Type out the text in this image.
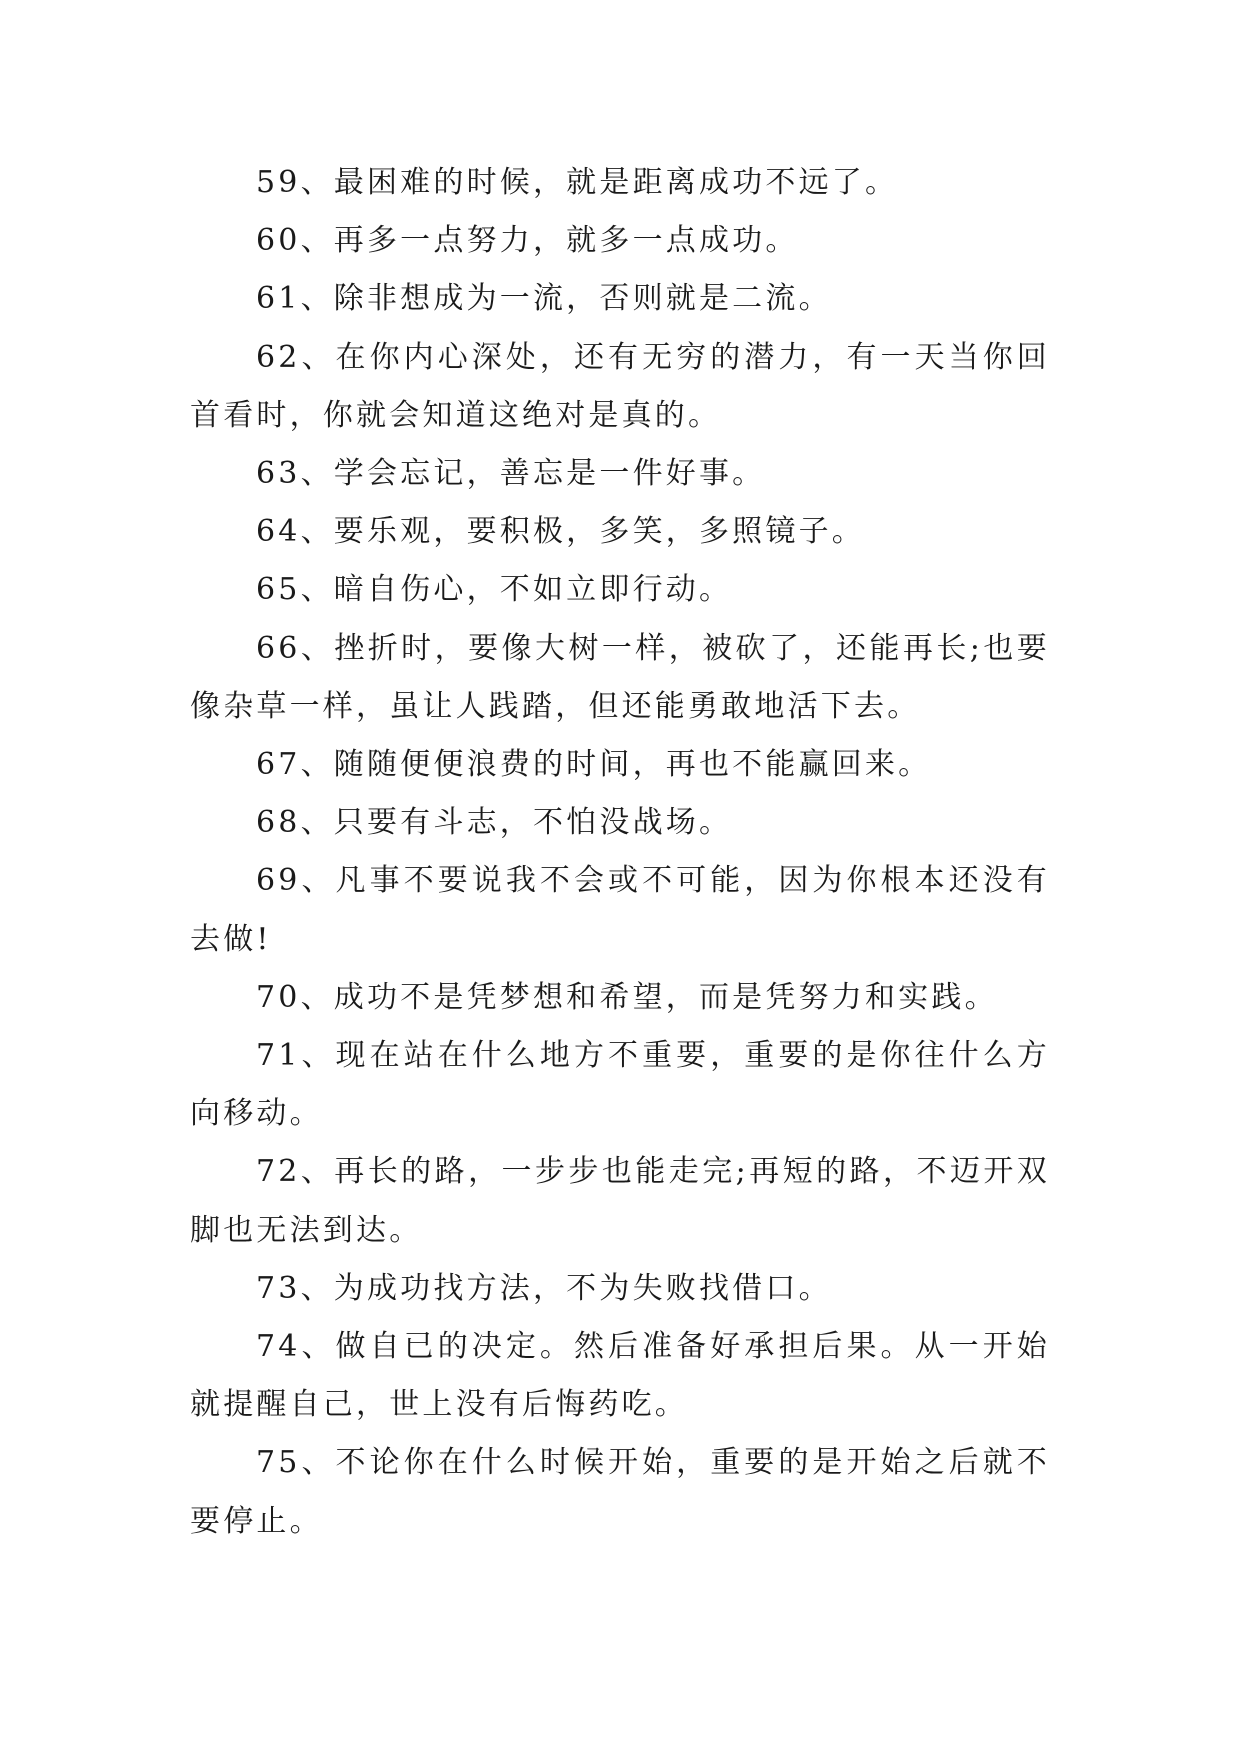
59、最困难的时候，就是距离成功不远了。

60、再多一点努力，就多一点成功。

61、除非想成为一流，否则就是二流。

62、在你内心深处，还有无穷的潜力，有一天当你回首看时，你就会知道这绝对是真的。

63、学会忘记，善忘是一件好事。

64、要乐观，要积极，多笑，多照镜子。

65、暗自伤心，不如立即行动。

66、挫折时，要像大树一样，被砍了，还能再长;也要像杂草一样，虽让人践踏，但还能勇敢地活下去。

67、随随便便浪费的时间，再也不能赢回来。

68、只要有斗志，不怕没战场。

69、凡事不要说我不会或不可能，因为你根本还没有去做!

70、成功不是凭梦想和希望，而是凭努力和实践。

71、现在站在什么地方不重要，重要的是你往什么方向移动。

72、再长的路，一步步也能走完;再短的路，不迈开双脚也无法到达。

73、为成功找方法，不为失败找借口。

74、做自已的决定。然后准备好承担后果。从一开始就提醒自己，世上没有后悔药吃。

75、不论你在什么时候开始，重要的是开始之后就不要停止。
